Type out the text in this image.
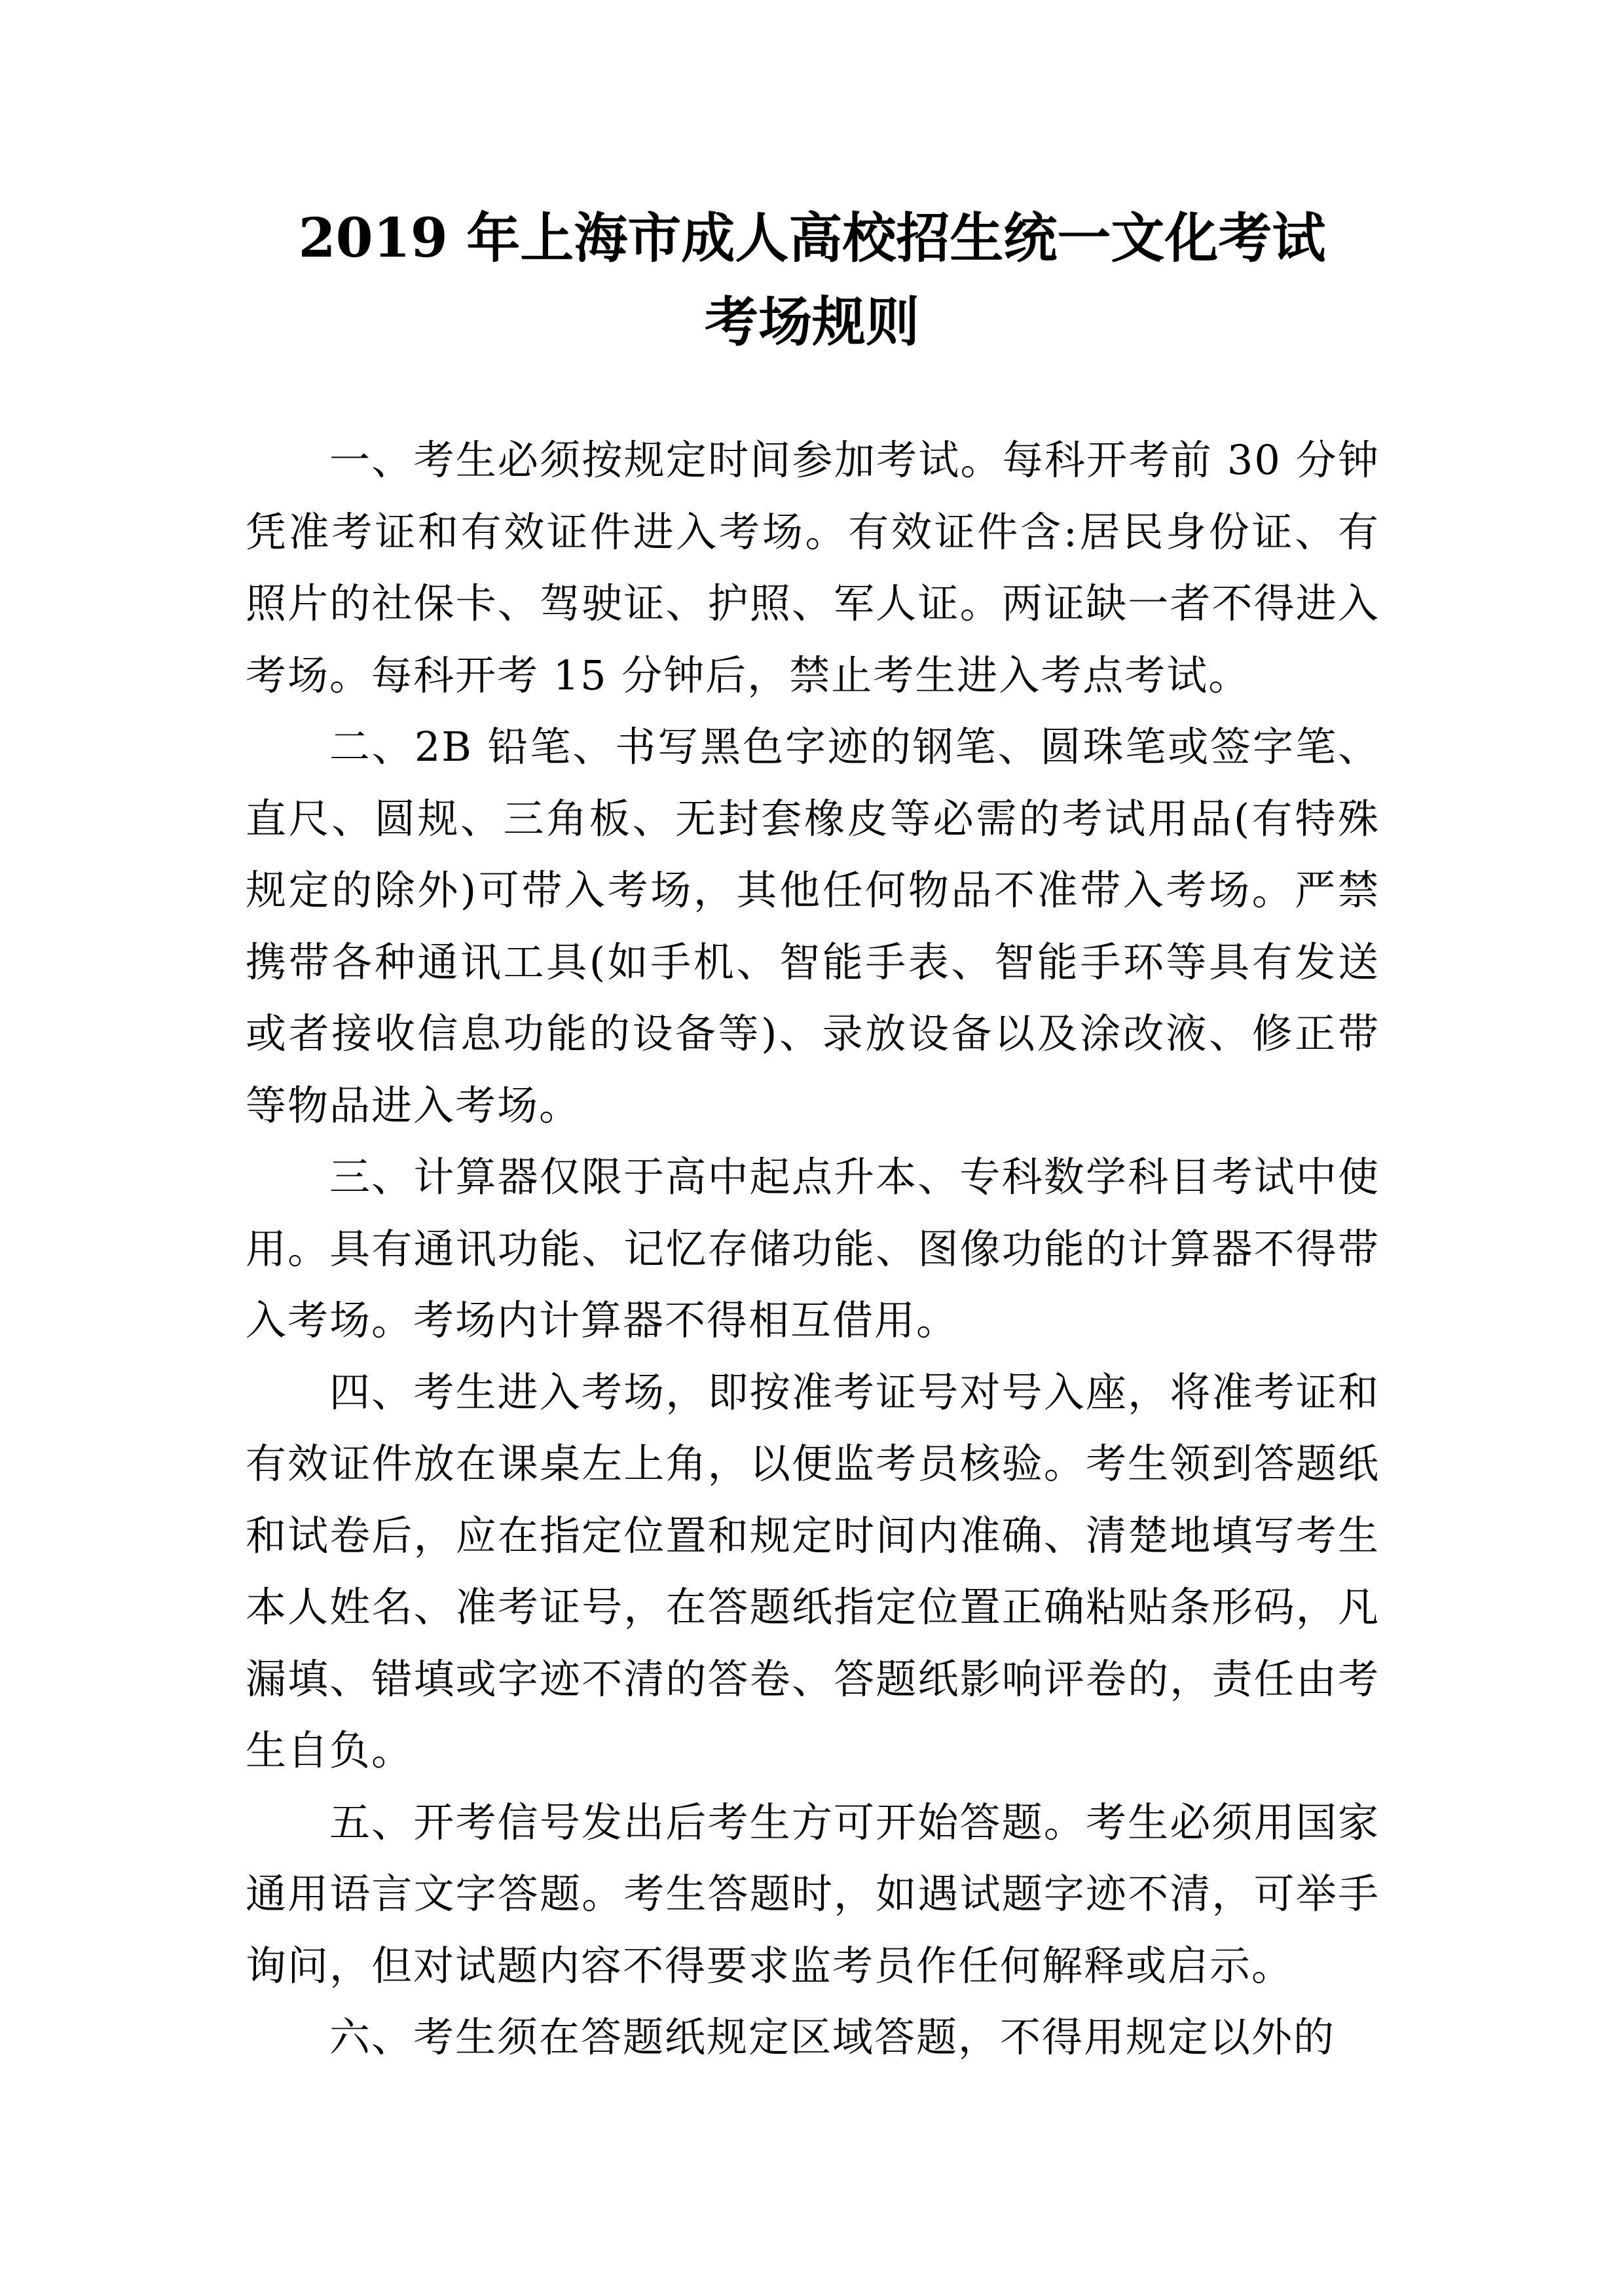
2019 年上海市成人高校招生统一文化考试
考场规则

一、考生必须按规定时间参加考试。每科开考前 30 分钟凭准考证和有效证件进入考场。有效证件含:居民身份证、有照片的社保卡、驾驶证、护照、军人证。两证缺一者不得进入考场。每科开考 15 分钟后，禁止考生进入考点考试。

二、2B 铅笔、书写黑色字迹的钢笔、圆珠笔或签字笔、直尺、圆规、三角板、无封套橡皮等必需的考试用品(有特殊规定的除外)可带入考场，其他任何物品不准带入考场。严禁携带各种通讯工具(如手机、智能手表、智能手环等具有发送或者接收信息功能的设备等)、录放设备以及涂改液、修正带等物品进入考场。

三、计算器仅限于高中起点升本、专科数学科目考试中使用。具有通讯功能、记忆存储功能、图像功能的计算器不得带入考场。考场内计算器不得相互借用。

四、考生进入考场，即按准考证号对号入座，将准考证和有效证件放在课桌左上角，以便监考员核验。考生领到答题纸和试卷后，应在指定位置和规定时间内准确、清楚地填写考生本人姓名、准考证号，在答题纸指定位置正确粘贴条形码，凡漏填、错填或字迹不清的答卷、答题纸影响评卷的，责任由考生自负。

五、开考信号发出后考生方可开始答题。考生必须用国家通用语言文字答题。考生答题时，如遇试题字迹不清，可举手询问，但对试题内容不得要求监考员作任何解释或启示。

六、考生须在答题纸规定区域答题，不得用规定以外的
